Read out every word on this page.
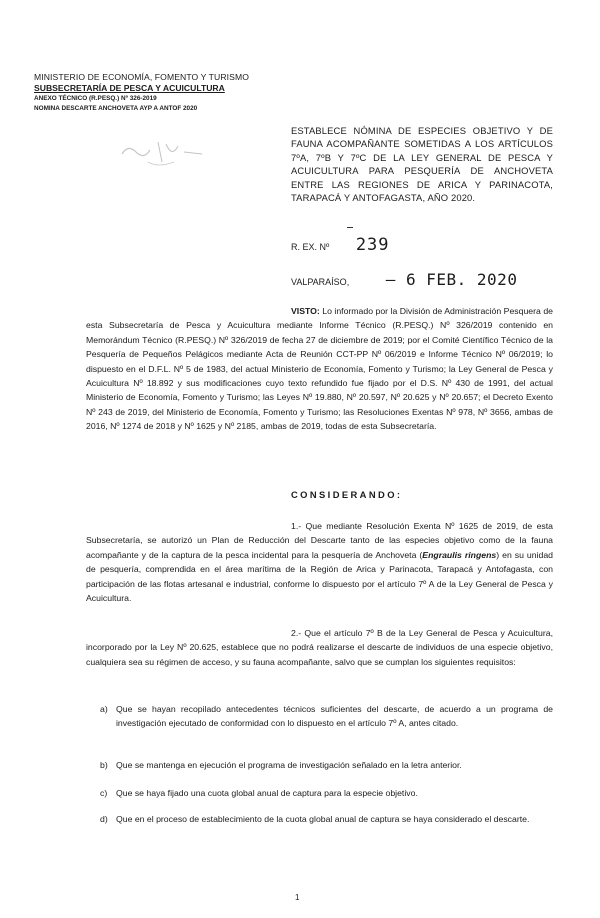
MINISTERIO DE ECONOMÍA, FOMENTO Y TURISMO
SUBSECRETARÍA DE PESCA Y ACUICULTURA
ANEXO TÉCNICO (R.PESQ.) Nº 326-2019
NOMINA DESCARTE ANCHOVETA AYP A ANTOF 2020
ESTABLECE NÓMINA DE ESPECIES OBJETIVO Y DE FAUNA ACOMPAÑANTE SOMETIDAS A LOS ARTÍCULOS 7ºA, 7ºB Y 7ºC DE LA LEY GENERAL DE PESCA Y ACUICULTURA PARA PESQUERÍA DE ANCHOVETA ENTRE LAS REGIONES DE ARICA Y PARINACOTA, TARAPACÁ Y ANTOFAGASTA, AÑO 2020.
R. EX. Nº 239
VALPARAÍSO, – 6 FEB. 2020
VISTO: Lo informado por la División de Administración Pesquera de esta Subsecretaría de Pesca y Acuicultura mediante Informe Técnico (R.PESQ.) Nº 326/2019 contenido en Memorándum Técnico (R.PESQ.) Nº 326/2019 de fecha 27 de diciembre de 2019; por el Comité Científico Técnico de la Pesquería de Pequeños Pelágicos mediante Acta de Reunión CCT-PP Nº 06/2019 e Informe Técnico Nº 06/2019; lo dispuesto en el D.F.L. Nº 5 de 1983, del actual Ministerio de Economía, Fomento y Turismo; la Ley General de Pesca y Acuicultura Nº 18.892 y sus modificaciones cuyo texto refundido fue fijado por el D.S. Nº 430 de 1991, del actual Ministerio de Economía, Fomento y Turismo; las Leyes Nº 19.880, Nº 20.597, Nº 20.625 y Nº 20.657; el Decreto Exento Nº 243 de 2019, del Ministerio de Economía, Fomento y Turismo; las Resoluciones Exentas Nº 978, Nº 3656, ambas de 2016, Nº 1274 de 2018 y Nº 1625 y Nº 2185, ambas de 2019, todas de esta Subsecretaría.
CONSIDERANDO:
1.- Que mediante Resolución Exenta Nº 1625 de 2019, de esta Subsecretaría, se autorizó un Plan de Reducción del Descarte tanto de las especies objetivo como de la fauna acompañante y de la captura de la pesca incidental para la pesquería de Anchoveta (Engraulis ringens) en su unidad de pesquería, comprendida en el área marítima de la Región de Arica y Parinacota, Tarapacá y Antofagasta, con participación de las flotas artesanal e industrial, conforme lo dispuesto por el artículo 7º A de la Ley General de Pesca y Acuicultura.
2.- Que el artículo 7º B de la Ley General de Pesca y Acuicultura, incorporado por la Ley Nº 20.625, establece que no podrá realizarse el descarte de individuos de una especie objetivo, cualquiera sea su régimen de acceso, y su fauna acompañante, salvo que se cumplan los siguientes requisitos:
a) Que se hayan recopilado antecedentes técnicos suficientes del descarte, de acuerdo a un programa de investigación ejecutado de conformidad con lo dispuesto en el artículo 7º A, antes citado.
b) Que se mantenga en ejecución el programa de investigación señalado en la letra anterior.
c)	Que se haya fijado una cuota global anual de captura para la especie objetivo.
d) Que en el proceso de establecimiento de la cuota global anual de captura se haya considerado el descarte.
1
